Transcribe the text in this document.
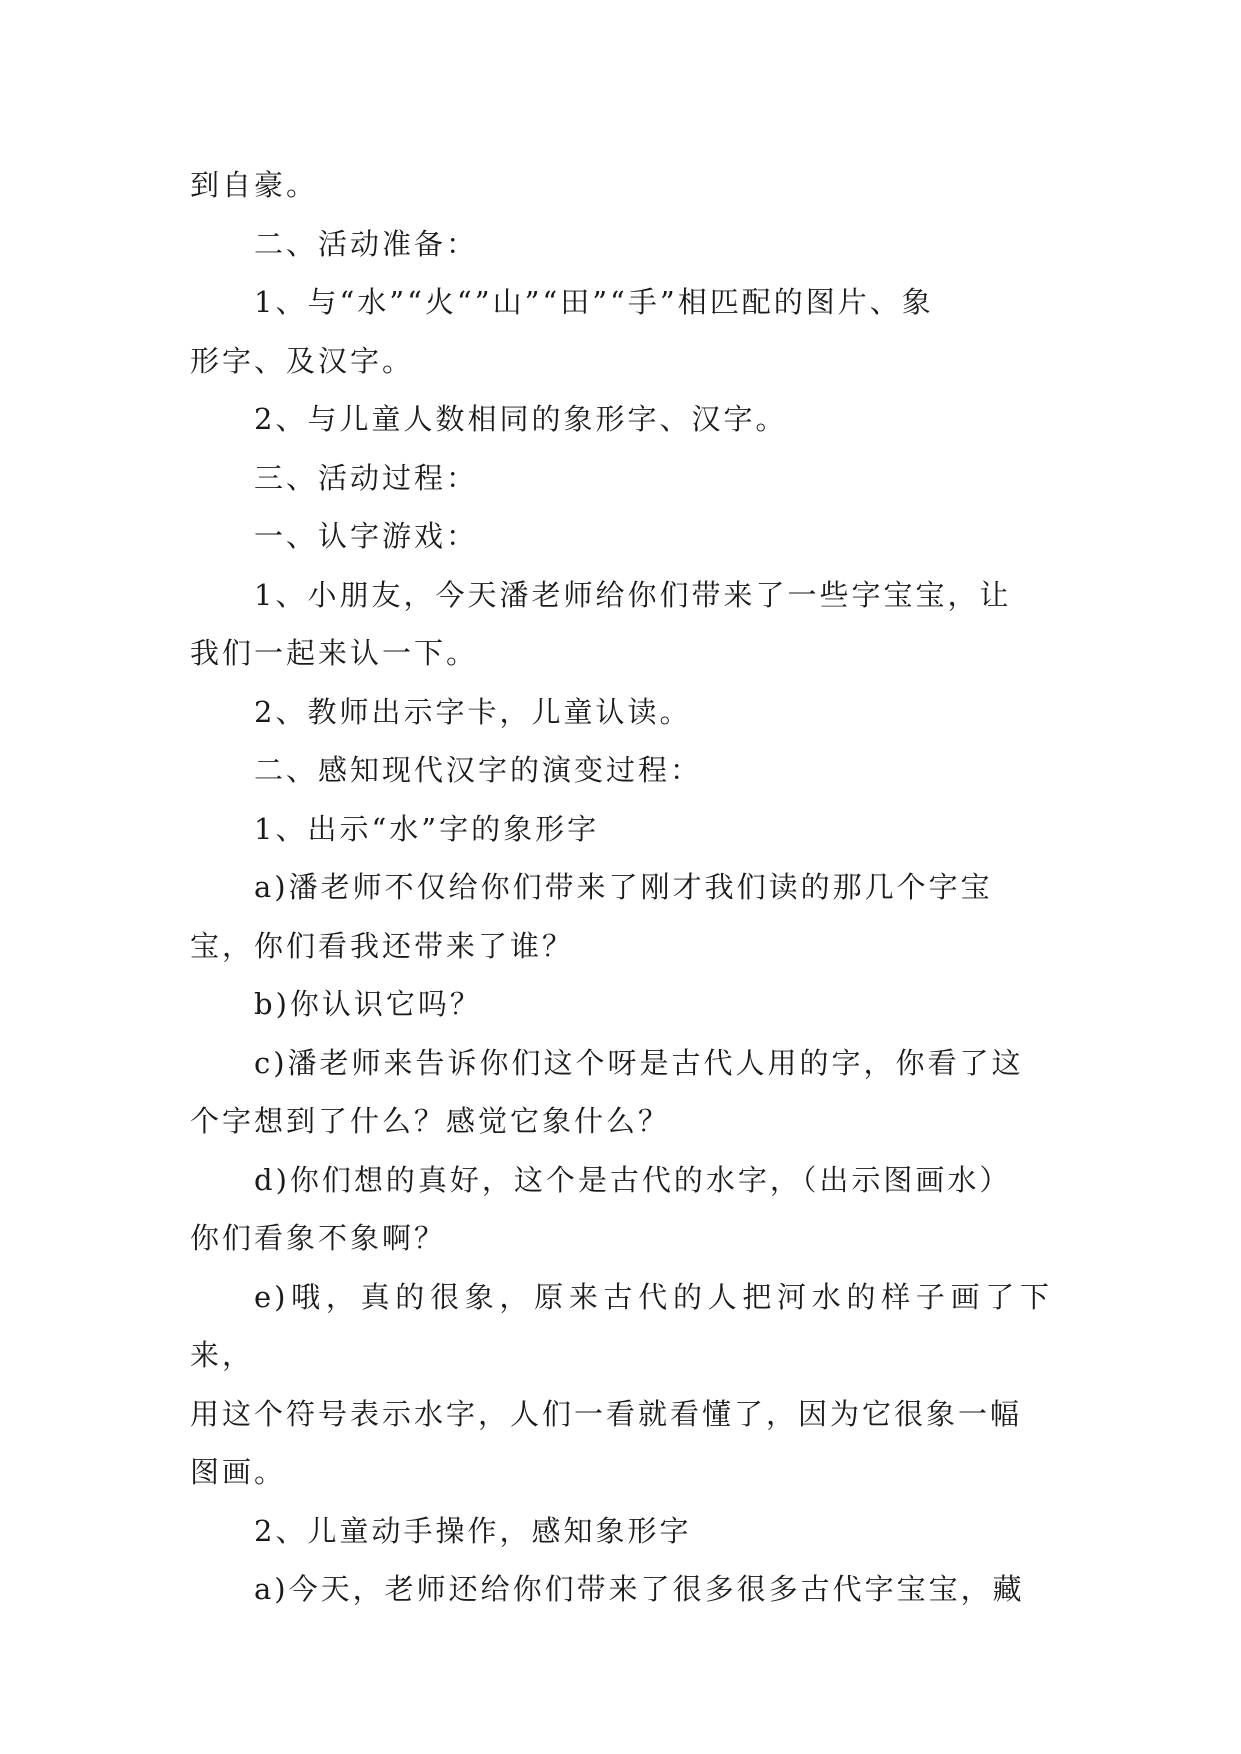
到自豪。

二、活动准备：

1、与“水”“火“”山”“田”“手”相匹配的图片、象
形字、及汉字。

2、与儿童人数相同的象形字、汉字。

三、活动过程：

一、认字游戏：

1、小朋友，今天潘老师给你们带来了一些字宝宝，让
我们一起来认一下。

2、教师出示字卡，儿童认读。

二、感知现代汉字的演变过程：

1、出示“水”字的象形字

a)潘老师不仅给你们带来了刚才我们读的那几个字宝
宝，你们看我还带来了谁？

b)你认识它吗？

c)潘老师来告诉你们这个呀是古代人用的字，你看了这
个字想到了什么？感觉它象什么？

d)你们想的真好，这个是古代的水字，（出示图画水）
你们看象不象啊？

e)哦，真的很象，原来古代的人把河水的样子画了下来，
用这个符号表示水字，人们一看就看懂了，因为它很象一幅
图画。

2、儿童动手操作，感知象形字

a)今天，老师还给你们带来了很多很多古代字宝宝，藏
